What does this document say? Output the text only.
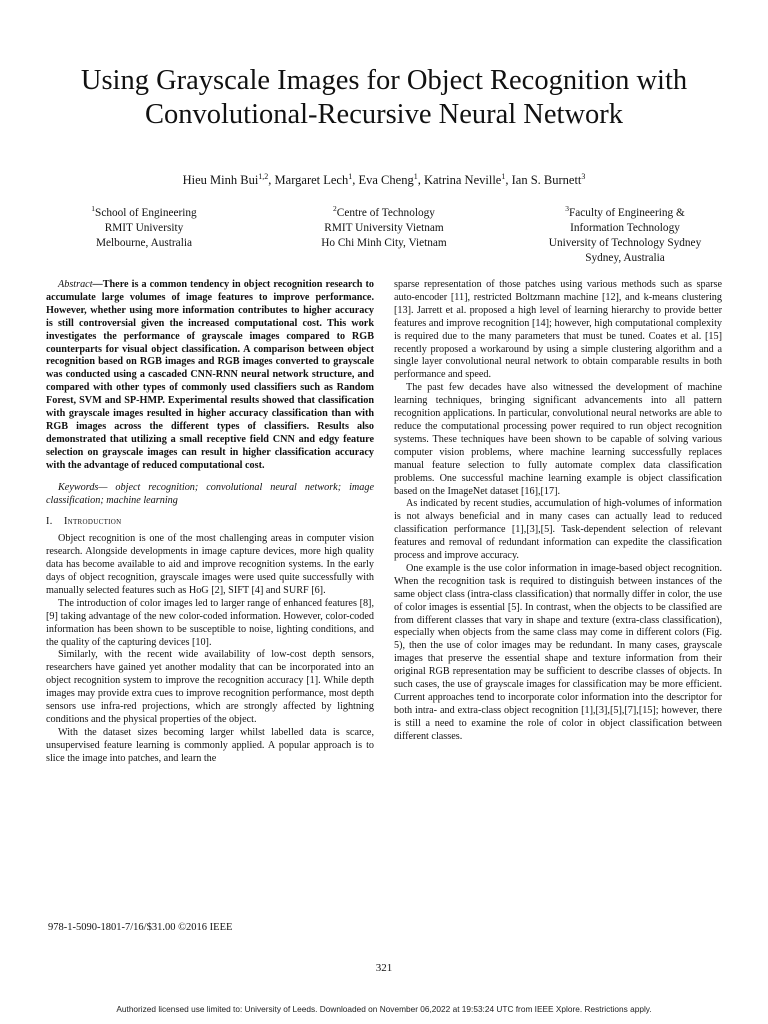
Using Grayscale Images for Object Recognition with
Convolutional-Recursive Neural Network
Hieu Minh Bui$^{1,2}$, Margaret Lech$^1$, Eva Cheng$^1$, Katrina Neville$^1$, Ian S. Burnett$^3$
$^1$School of Engineering
RMIT University
Melbourne, Australia
$^2$Centre of Technology
RMIT University Vietnam
Ho Chi Minh City, Vietnam
$^3$Faculty of Engineering &
Information Technology
University of Technology Sydney
Sydney, Australia

Abstract—There is a common tendency in object recognition research to accumulate large volumes of image features to improve performance. However, whether using more information contributes to higher accuracy is still controversial given the increased computational cost. This work investigates the performance of grayscale images compared to RGB counterparts for visual object classification. A comparison between object recognition based on RGB images and RGB images converted to grayscale was conducted using a cascaded CNN-RNN neural network structure, and compared with other types of commonly used classifiers such as Random Forest, SVM and SP-HMP. Experimental results showed that classification with grayscale images resulted in higher accuracy classification than with RGB images across the different types of classifiers. Results also demonstrated that utilizing a small receptive field CNN and edgy feature selection on grayscale images can result in higher classification accuracy with the advantage of reduced computational cost.

Keywords— object recognition; convolutional neural network; image classification; machine learning

I. Introduction

Object recognition is one of the most challenging areas in computer vision research. Alongside developments in image capture devices, more high quality data has become available to aid and improve recognition systems. In the early days of object recognition, grayscale images were used quite successfully with manually selected features such as HoG [2], SIFT [4] and SURF [6].

The introduction of color images led to larger range of enhanced features [8],[9] taking advantage of the new color-coded information. However, color-coded information has been shown to be susceptible to noise, lighting conditions, and the quality of the capturing devices [10].

Similarly, with the recent wide availability of low-cost depth sensors, researchers have gained yet another modality that can be incorporated into an object recognition system to improve the recognition accuracy [1]. While depth images may provide extra cues to improve recognition performance, most depth sensors use infra-red projections, which are strongly affected by lightning conditions and the physical properties of the object.

With the dataset sizes becoming larger whilst labelled data is scarce, unsupervised feature learning is commonly applied. A popular approach is to slice the image into patches, and learn the

sparse representation of those patches using various methods such as sparse auto-encoder [11], restricted Boltzmann machine [12], and k-means clustering [13]. Jarrett et al. proposed a high level of learning hierarchy to provide better features and improve recognition [14]; however, high computational complexity is required due to the many parameters that must be tuned. Coates et al. [15] recently proposed a workaround by using a simple clustering algorithm and a single layer convolutional neural network to obtain comparable results in both performance and speed.

The past few decades have also witnessed the development of machine learning techniques, bringing significant advancements into all pattern recognition applications. In particular, convolutional neural networks are able to reduce the computational processing power required to run object recognition systems. These techniques have been shown to be capable of solving various computer vision problems, where machine learning successfully replaces manual feature selection to fully automate complex data classification problems. One successful machine learning example is object classification based on the ImageNet dataset [16],[17].

As indicated by recent studies, accumulation of high-volumes of information is not always beneficial and in many cases can actually lead to reduced classification performance [1],[3],[5]. Task-dependent selection of relevant features and removal of redundant information can expedite the classification process and improve accuracy.

One example is the use color information in image-based object recognition. When the recognition task is required to distinguish between instances of the same object class (intra-class classification) that normally differ in color, the use of color images is essential [5]. In contrast, when the objects to be classified are from different classes that vary in shape and texture (extra-class classification), especially when objects from the same class may come in different colors (Fig. 5), then the use of color images may be redundant. In many cases, grayscale images that preserve the essential shape and texture information from their original RGB representation may be sufficient to describe classes of objects. In such cases, the use of grayscale images for classification may be more efficient. Current approaches tend to incorporate color information into the descriptor for both intra- and extra-class object recognition [1],[3],[5],[7],[15]; however, there is still a need to examine the role of color in object classification between different classes.

978-1-5090-1801-7/16/$31.00 ©2016 IEEE
321
Authorized licensed use limited to: University of Leeds. Downloaded on November 06,2022 at 19:53:24 UTC from IEEE Xplore. Restrictions apply.
